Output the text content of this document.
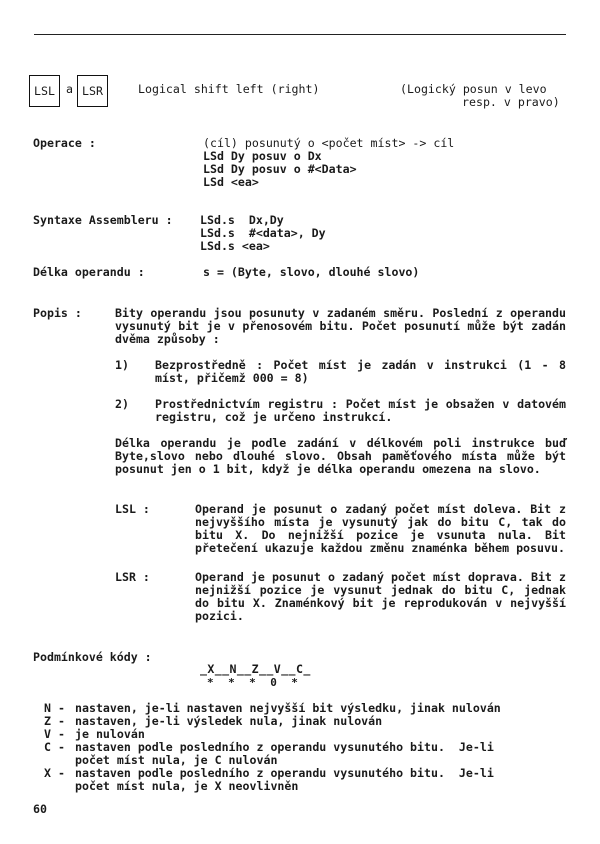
LSL a LSR	Logical shift left (right)	(Logický posun v levo
resp. v pravo)
Operace :	(cíl) posunutý o <počet míst> -> cíl
LSd Dy posuv o Dx
LSd Dy posuv o #<Data>
LSd <ea>
Syntaxe Assembleru : LSd.s  Dx,Dy
LSd.s  #<data>, Dy
LSd.s <ea>
Délka operandu :	s = (Byte, slovo, dlouhé slovo)
Popis :	Bity operandu jsou posunuty v zadaném směru. Poslední z operandu vysunutý bit je v přenosovém bitu. Počet posunutí může být zadán dvěma způsoby :
1) Bezprostředně : Počet míst je zadán v instrukci (1 - 8 míst, přičemž 000 = 8)
2) Prostřednictvím registru : Počet míst je obsažen v datovém registru, což je určeno instrukcí.
Délka operandu je podle zadání v délkovém poli instrukce buď Byte,slovo nebo dlouhé slovo. Obsah paměťového místa může být posunut jen o 1 bit, když je délka operandu omezena na slovo.
LSL :	Operand je posunut o zadaný počet míst doleva. Bit z nejvyššího místa je vysunutý jak do bitu C, tak do bitu X. Do nejnižší pozice je vsunuta nula. Bit přetečení ukazuje každou změnu znaménka během posuvu.
LSR :	Operand je posunut o zadaný počet míst doprava. Bit z nejnižší pozice je vysunut jednak do bitu C, jednak do bitu X. Znaménkový bit je reprodukován v nejvyšší pozici.
Podmínkové kódy :
_X__N__Z__V__C_
*  *  *  0  *
N - nastaven, je-li nastaven nejvyšší bit výsledku, jinak nulován
Z - nastaven, je-li výsledek nula, jinak nulován
V - je nulován
C - nastaven podle posledního z operandu vysunutého bitu.  Je-li
počet míst nula, je C nulován
X - nastaven podle posledního z operandu vysunutého bitu.  Je-li
počet míst nula, je X neovlivněn
60
